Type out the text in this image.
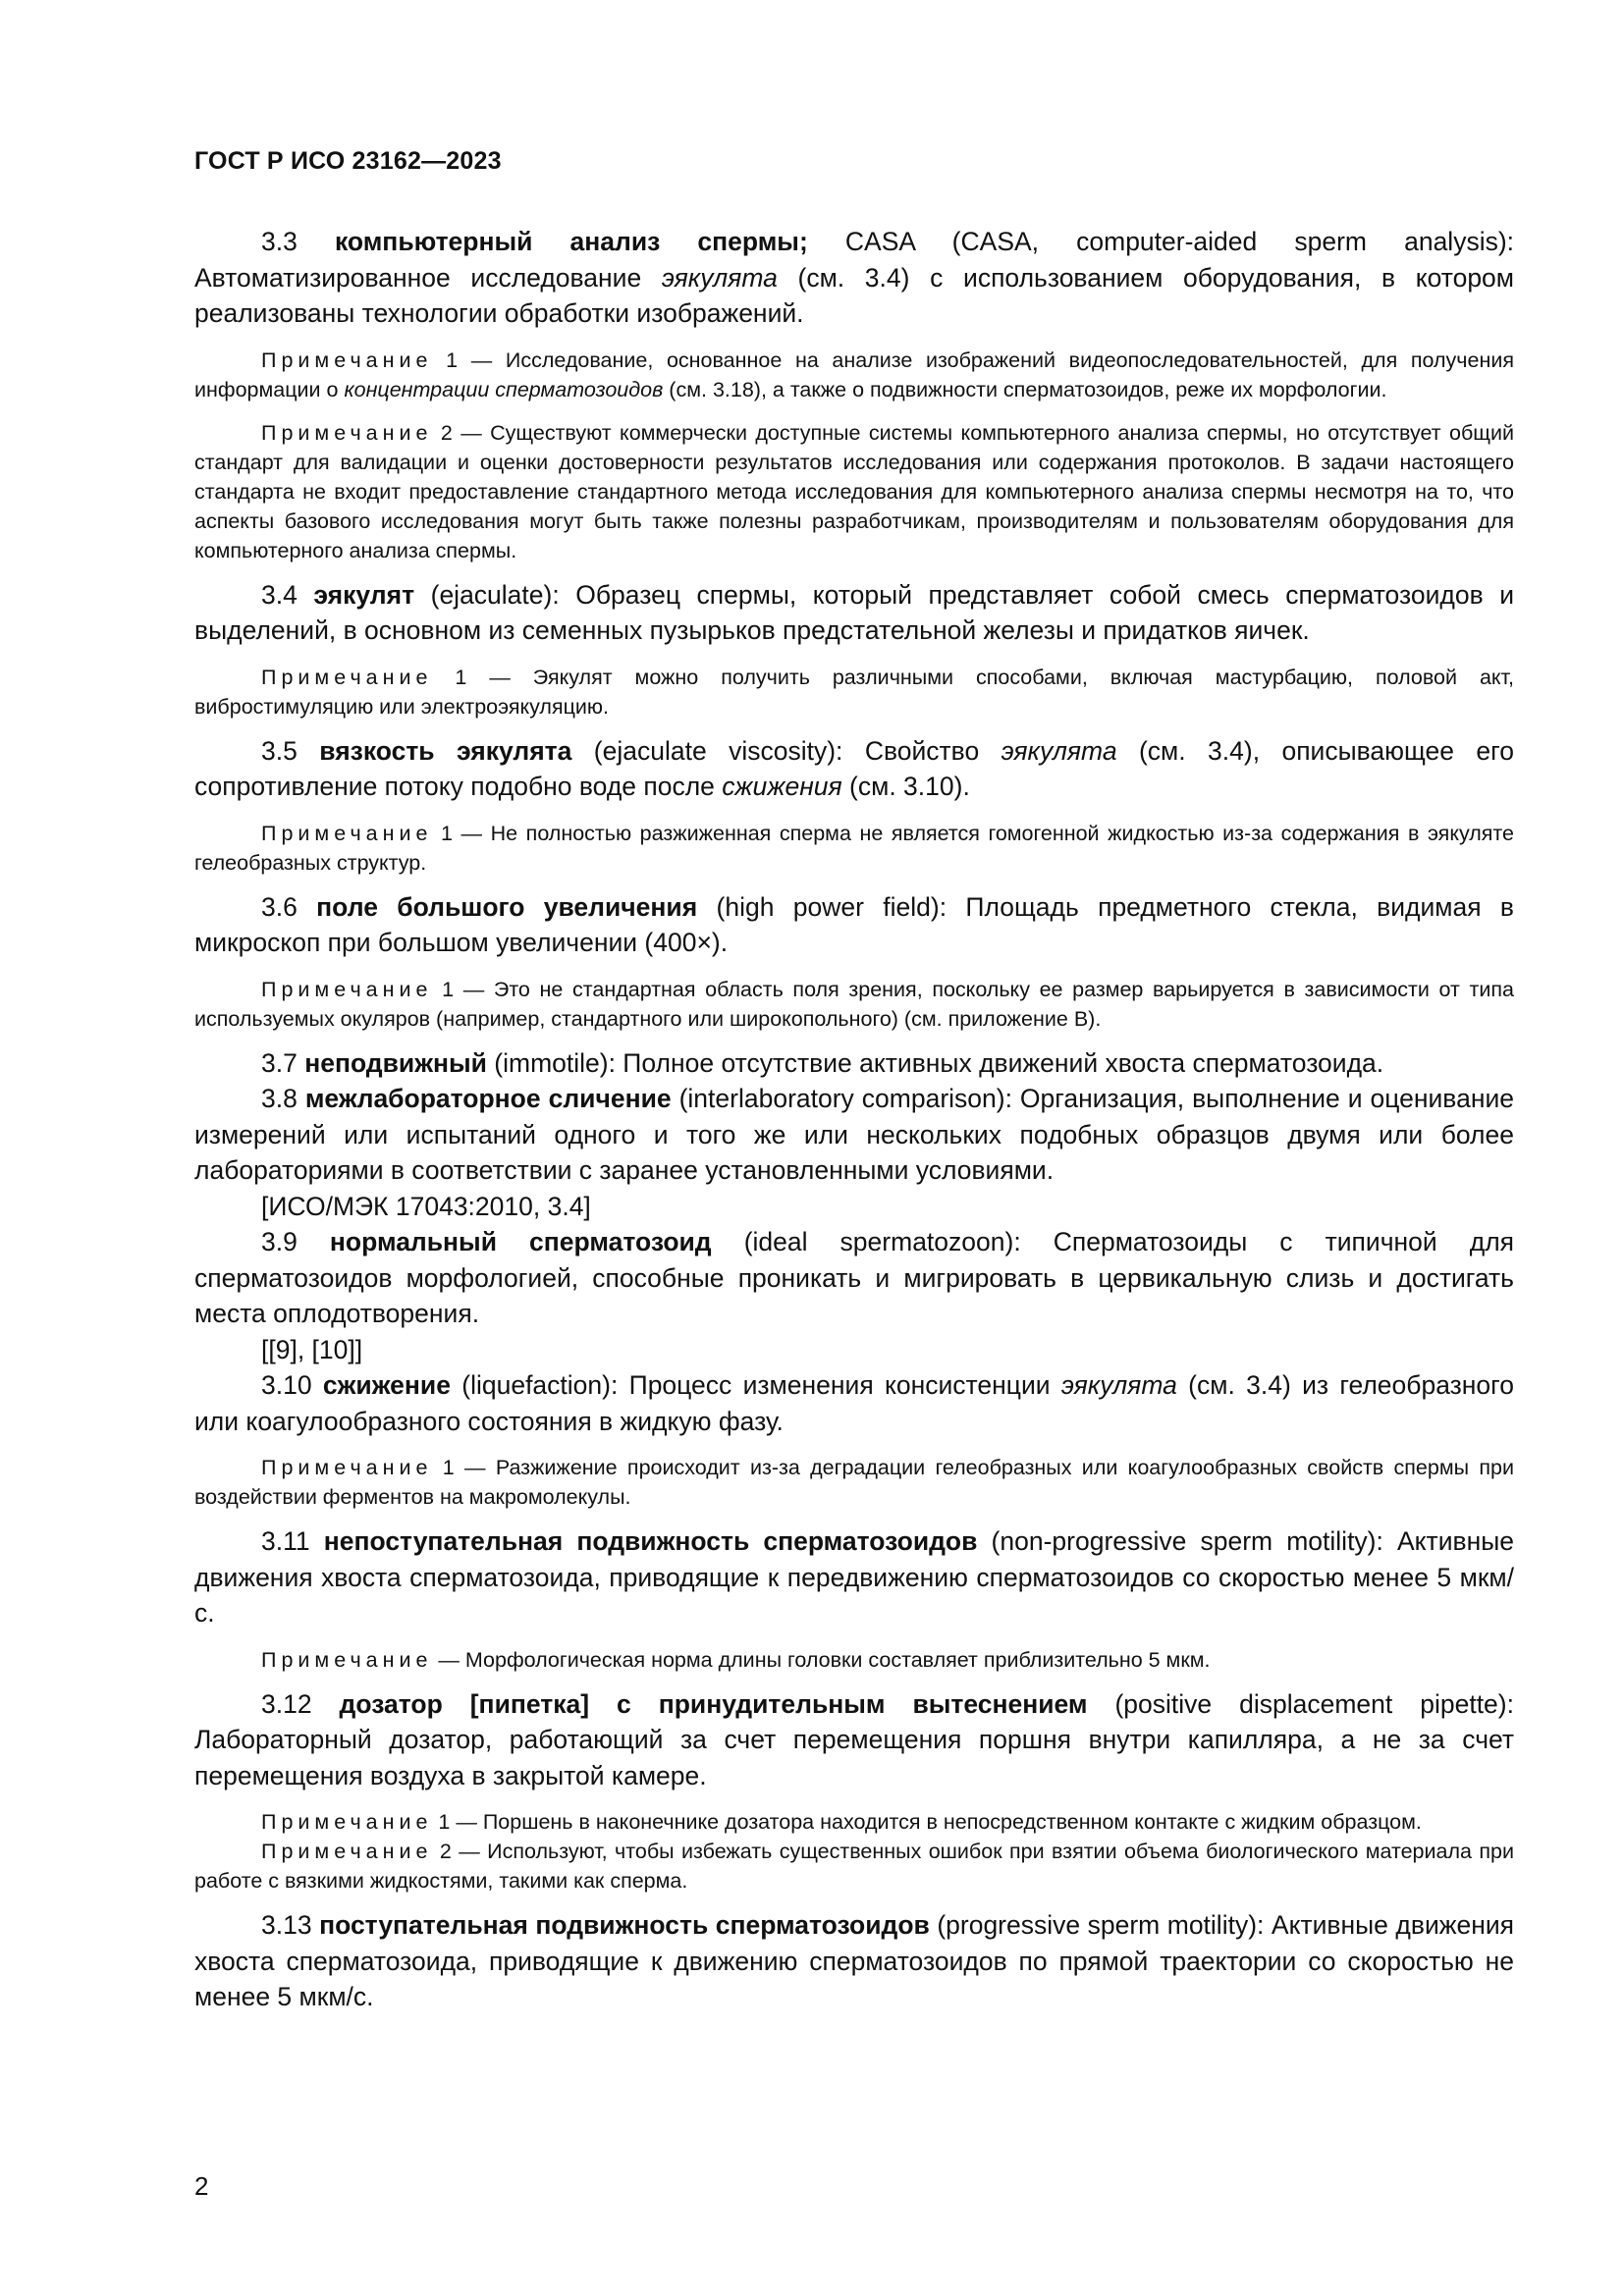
ГОСТ Р ИСО 23162—2023

3.3 компьютерный анализ спермы; CASA (CASA, computer-aided sperm analysis): Автоматизированное исследование эякулята (см. 3.4) с использованием оборудования, в котором реализованы технологии обработки изображений.

Примечание 1 — Исследование, основанное на анализе изображений видеопоследовательностей, для получения информации о концентрации сперматозоидов (см. 3.18), а также о подвижности сперматозоидов, реже их морфологии.

Примечание 2 — Существуют коммерчески доступные системы компьютерного анализа спермы, но отсутствует общий стандарт для валидации и оценки достоверности результатов исследования или содержания протоколов. В задачи настоящего стандарта не входит предоставление стандартного метода исследования для компьютерного анализа спермы несмотря на то, что аспекты базового исследования могут быть также полезны разработчикам, производителям и пользователям оборудования для компьютерного анализа спермы.

3.4 эякулят (ejaculate): Образец спермы, который представляет собой смесь сперматозоидов и выделений, в основном из семенных пузырьков предстательной железы и придатков яичек.

Примечание 1 — Эякулят можно получить различными способами, включая мастурбацию, половой акт, вибростимуляцию или электроэякуляцию.

3.5 вязкость эякулята (ejaculate viscosity): Свойство эякулята (см. 3.4), описывающее его сопротивление потоку подобно воде после сжижения (см. 3.10).

Примечание 1 — Не полностью разжиженная сперма не является гомогенной жидкостью из-за содержания в эякуляте гелеобразных структур.

3.6 поле большого увеличения (high power field): Площадь предметного стекла, видимая в микроскоп при большом увеличении (400×).

Примечание 1 — Это не стандартная область поля зрения, поскольку ее размер варьируется в зависимости от типа используемых окуляров (например, стандартного или широкопольного) (см. приложение В).

3.7 неподвижный (immotile): Полное отсутствие активных движений хвоста сперматозоида.

3.8 межлабораторное сличение (interlaboratory comparison): Организация, выполнение и оценивание измерений или испытаний одного и того же или нескольких подобных образцов двумя или более лабораториями в соответствии с заранее установленными условиями.

[ИСО/МЭК 17043:2010, 3.4]

3.9 нормальный сперматозоид (ideal spermatozoon): Сперматозоиды с типичной для сперматозоидов морфологией, способные проникать и мигрировать в цервикальную слизь и достигать места оплодотворения.

[[9], [10]]

3.10 сжижение (liquefaction): Процесс изменения консистенции эякулята (см. 3.4) из гелеобразного или коагулообразного состояния в жидкую фазу.

Примечание 1 — Разжижение происходит из-за деградации гелеобразных или коагулообразных свойств спермы при воздействии ферментов на макромолекулы.

3.11 непоступательная подвижность сперматозоидов (non-progressive sperm motility): Активные движения хвоста сперматозоида, приводящие к передвижению сперматозоидов со скоростью менее 5 мкм/с.

Примечание — Морфологическая норма длины головки составляет приблизительно 5 мкм.

3.12 дозатор [пипетка] с принудительным вытеснением (positive displacement pipette): Лабораторный дозатор, работающий за счет перемещения поршня внутри капилляра, а не за счет перемещения воздуха в закрытой камере.

Примечание 1 — Поршень в наконечнике дозатора находится в непосредственном контакте с жидким образцом.

Примечание 2 — Используют, чтобы избежать существенных ошибок при взятии объема биологического материала при работе с вязкими жидкостями, такими как сперма.

3.13 поступательная подвижность сперматозоидов (progressive sperm motility): Активные движения хвоста сперматозоида, приводящие к движению сперматозоидов по прямой траектории со скоростью не менее 5 мкм/с.

2
